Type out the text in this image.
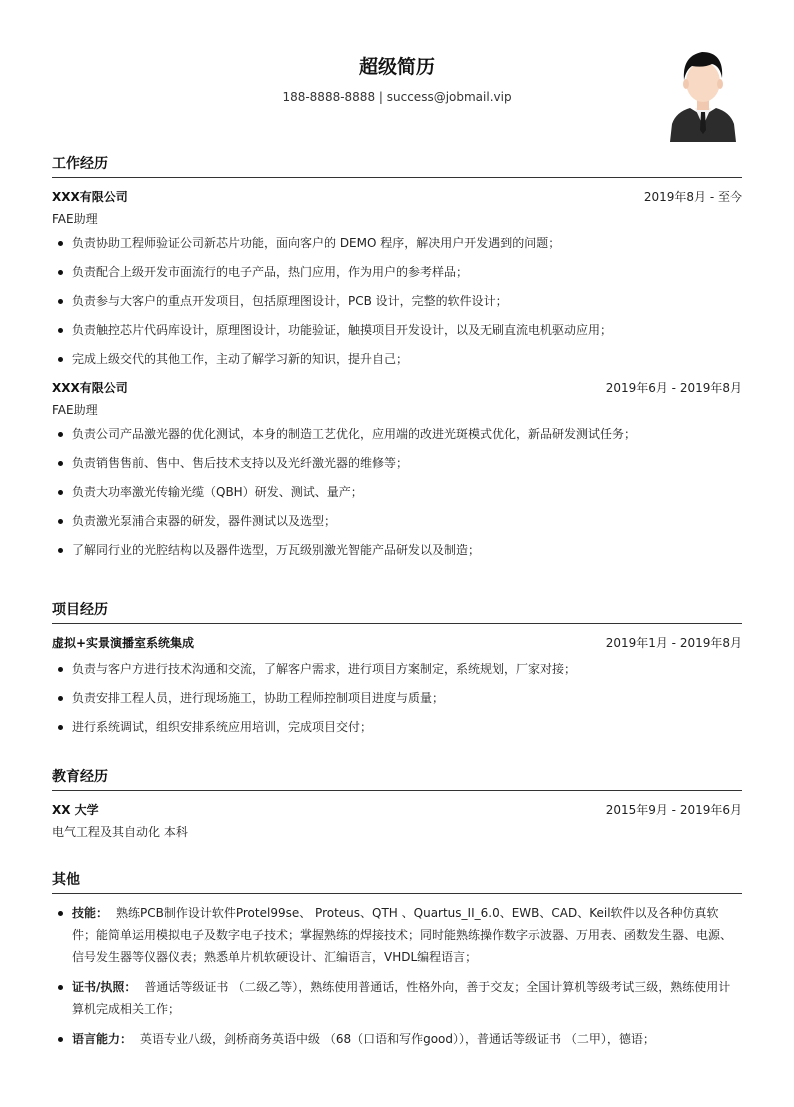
超级简历
188-8888-8888 | success@jobmail.vip
工作经历
XXX有限公司	2019年8月 - 至今
FAE助理
负责协助工程师验证公司新芯片功能，面向客户的 DEMO 程序，解决用户开发遇到的问题；
负责配合上级开发市面流行的电子产品，热门应用，作为用户的参考样品；
负责参与大客户的重点开发项目，包括原理图设计，PCB 设计，完整的软件设计；
负责触控芯片代码库设计，原理图设计，功能验证，触摸项目开发设计，以及无刷直流电机驱动应用；
完成上级交代的其他工作，主动了解学习新的知识，提升自己；
XXX有限公司	2019年6月 - 2019年8月
FAE助理
负责公司产品激光器的优化测试，本身的制造工艺优化，应用端的改进光斑模式优化，新品研发测试任务；
负责销售售前、售中、售后技术支持以及光纤激光器的维修等；
负责大功率激光传输光缆（QBH）研发、测试、量产；
负责激光泵浦合束器的研发，器件测试以及选型；
了解同行业的光腔结构以及器件选型，万瓦级别激光智能产品研发以及制造；
项目经历
虚拟+实景演播室系统集成	2019年1月 - 2019年8月
负责与客户方进行技术沟通和交流，了解客户需求，进行项目方案制定，系统规划，厂家对接；
负责安排工程人员，进行现场施工，协助工程师控制项目进度与质量；
进行系统调试，组织安排系统应用培训，完成项目交付；
教育经历
XX 大学	2015年9月 - 2019年6月
电气工程及其自动化 本科
其他
技能： 熟练PCB制作设计软件Protel99se、 Proteus、QTH 、Quartus_II_6.0、EWB、CAD、Keil软件以及各种仿真软件；能简单运用模拟电子及数字电子技术；掌握熟练的焊接技术；同时能熟练操作数字示波器、万用表、函数发生器、电源、信号发生器等仪器仪表；熟悉单片机软硬设计、汇编语言，VHDL编程语言；
证书/执照： 普通话等级证书 （二级乙等），熟练使用普通话，性格外向，善于交友；全国计算机等级考试三级，熟练使用计算机完成相关工作；
语言能力： 英语专业八级，剑桥商务英语中级 （68（口语和写作good）），普通话等级证书 （二甲），德语；
